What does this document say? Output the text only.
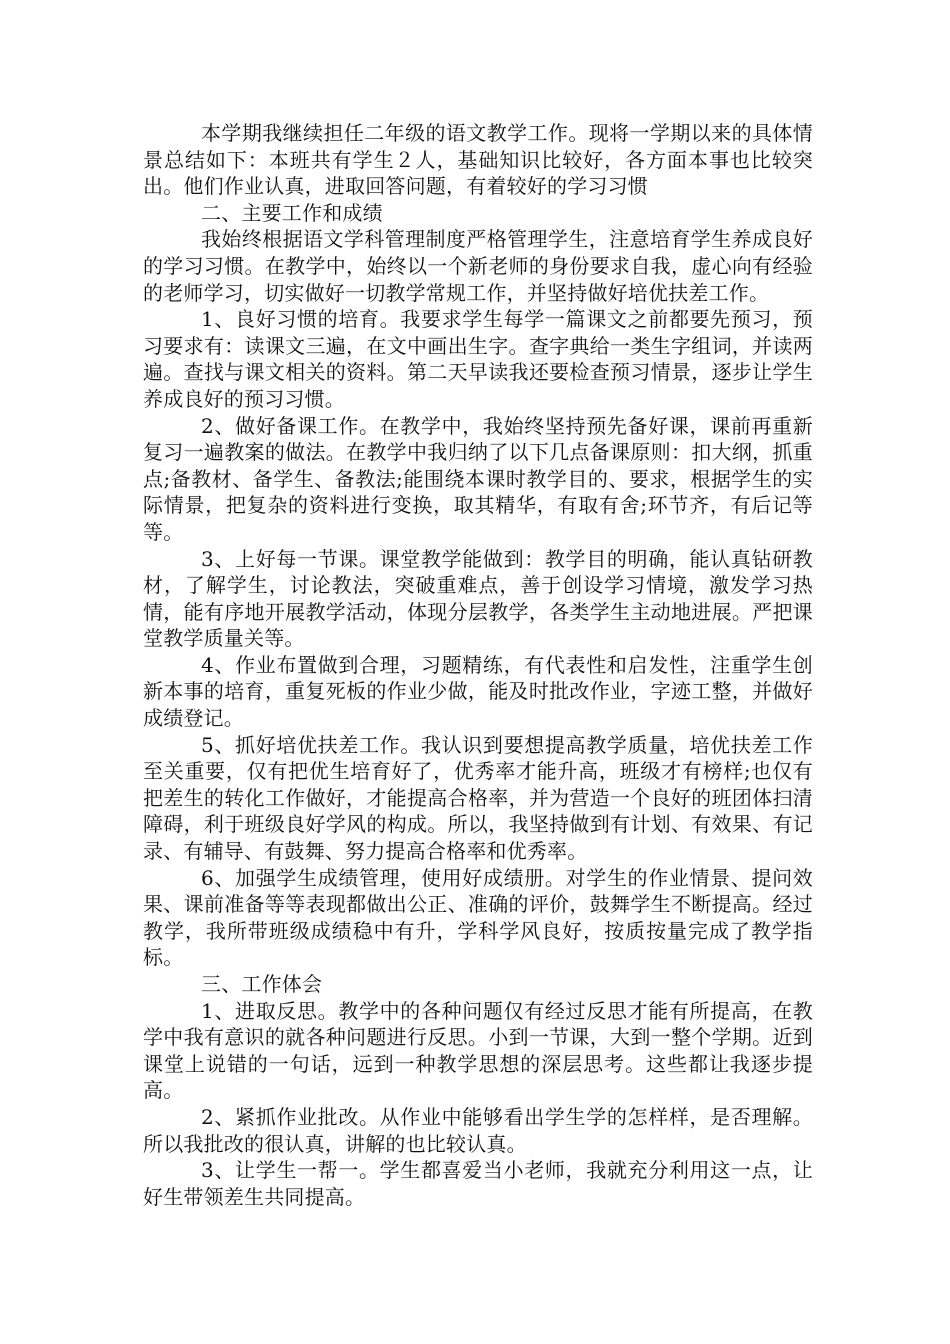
本学期我继续担任二年级的语文教学工作。现将一学期以来的具体情景总结如下：本班共有学生２人，基础知识比较好，各方面本事也比较突出。他们作业认真，进取回答问题，有着较好的学习习惯

二、主要工作和成绩

我始终根据语文学科管理制度严格管理学生，注意培育学生养成良好的学习习惯。在教学中，始终以一个新老师的身份要求自我，虚心向有经验的老师学习，切实做好一切教学常规工作，并坚持做好培优扶差工作。

1、良好习惯的培育。我要求学生每学一篇课文之前都要先预习，预习要求有：读课文三遍，在文中画出生字。查字典给一类生字组词，并读两遍。查找与课文相关的资料。第二天早读我还要检查预习情景，逐步让学生养成良好的预习习惯。

2、做好备课工作。在教学中，我始终坚持预先备好课，课前再重新复习一遍教案的做法。在教学中我归纳了以下几点备课原则：扣大纲，抓重点;备教材、备学生、备教法;能围绕本课时教学目的、要求，根据学生的实际情景，把复杂的资料进行变换，取其精华，有取有舍;环节齐，有后记等等。

3、上好每一节课。课堂教学能做到：教学目的明确，能认真钻研教材，了解学生，讨论教法，突破重难点，善于创设学习情境，激发学习热情，能有序地开展教学活动，体现分层教学，各类学生主动地进展。严把课堂教学质量关等。

4、作业布置做到合理，习题精练，有代表性和启发性，注重学生创新本事的培育，重复死板的作业少做，能及时批改作业，字迹工整，并做好成绩登记。

5、抓好培优扶差工作。我认识到要想提高教学质量，培优扶差工作至关重要，仅有把优生培育好了，优秀率才能升高，班级才有榜样;也仅有把差生的转化工作做好，才能提高合格率，并为营造一个良好的班团体扫清障碍，利于班级良好学风的构成。所以，我坚持做到有计划、有效果、有记录、有辅导、有鼓舞、努力提高合格率和优秀率。

6、加强学生成绩管理，使用好成绩册。对学生的作业情景、提问效果、课前准备等等表现都做出公正、准确的评价，鼓舞学生不断提高。经过教学，我所带班级成绩稳中有升，学科学风良好，按质按量完成了教学指标。

三、工作体会

1、进取反思。教学中的各种问题仅有经过反思才能有所提高，在教学中我有意识的就各种问题进行反思。小到一节课，大到一整个学期。近到课堂上说错的一句话，远到一种教学思想的深层思考。这些都让我逐步提高。

2、紧抓作业批改。从作业中能够看出学生学的怎样样，是否理解。所以我批改的很认真，讲解的也比较认真。

3、让学生一帮一。学生都喜爱当小老师，我就充分利用这一点，让好生带领差生共同提高。
